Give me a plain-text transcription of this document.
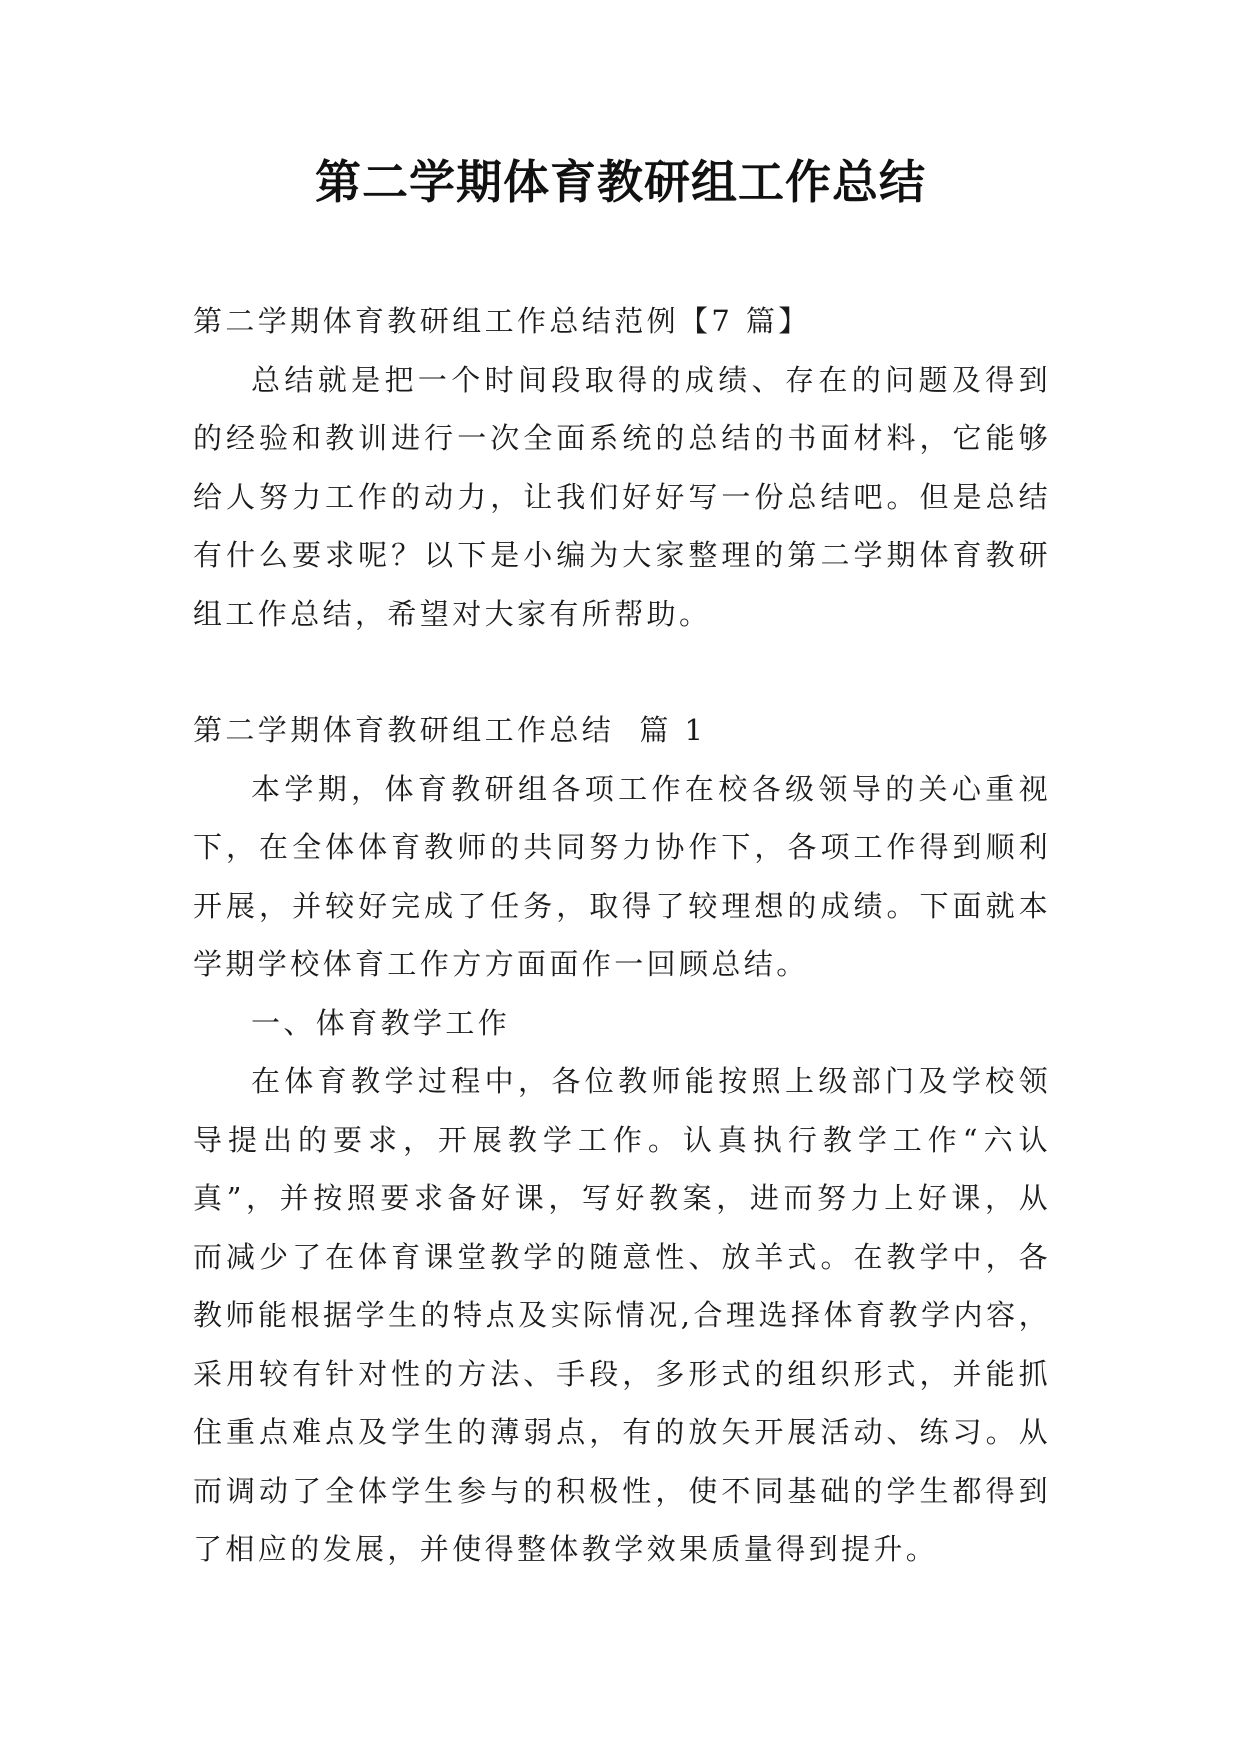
第二学期体育教研组工作总结

第二学期体育教研组工作总结范例【7 篇】

总结就是把一个时间段取得的成绩、存在的问题及得到的经验和教训进行一次全面系统的总结的书面材料，它能够给人努力工作的动力，让我们好好写一份总结吧。但是总结有什么要求呢？以下是小编为大家整理的第二学期体育教研组工作总结，希望对大家有所帮助。

第二学期体育教研组工作总结  篇 1

本学期，体育教研组各项工作在校各级领导的关心重视下，在全体体育教师的共同努力协作下，各项工作得到顺利开展，并较好完成了任务，取得了较理想的成绩。下面就本学期学校体育工作方方面面作一回顾总结。

一、体育教学工作

在体育教学过程中，各位教师能按照上级部门及学校领导提出的要求，开展教学工作。认真执行教学工作“六认真”，并按照要求备好课，写好教案，进而努力上好课，从而减少了在体育课堂教学的随意性、放羊式。在教学中，各教师能根据学生的特点及实际情况,合理选择体育教学内容，采用较有针对性的方法、手段，多形式的组织形式，并能抓住重点难点及学生的薄弱点，有的放矢开展活动、练习。从而调动了全体学生参与的积极性，使不同基础的学生都得到了相应的发展，并使得整体教学效果质量得到提升。
